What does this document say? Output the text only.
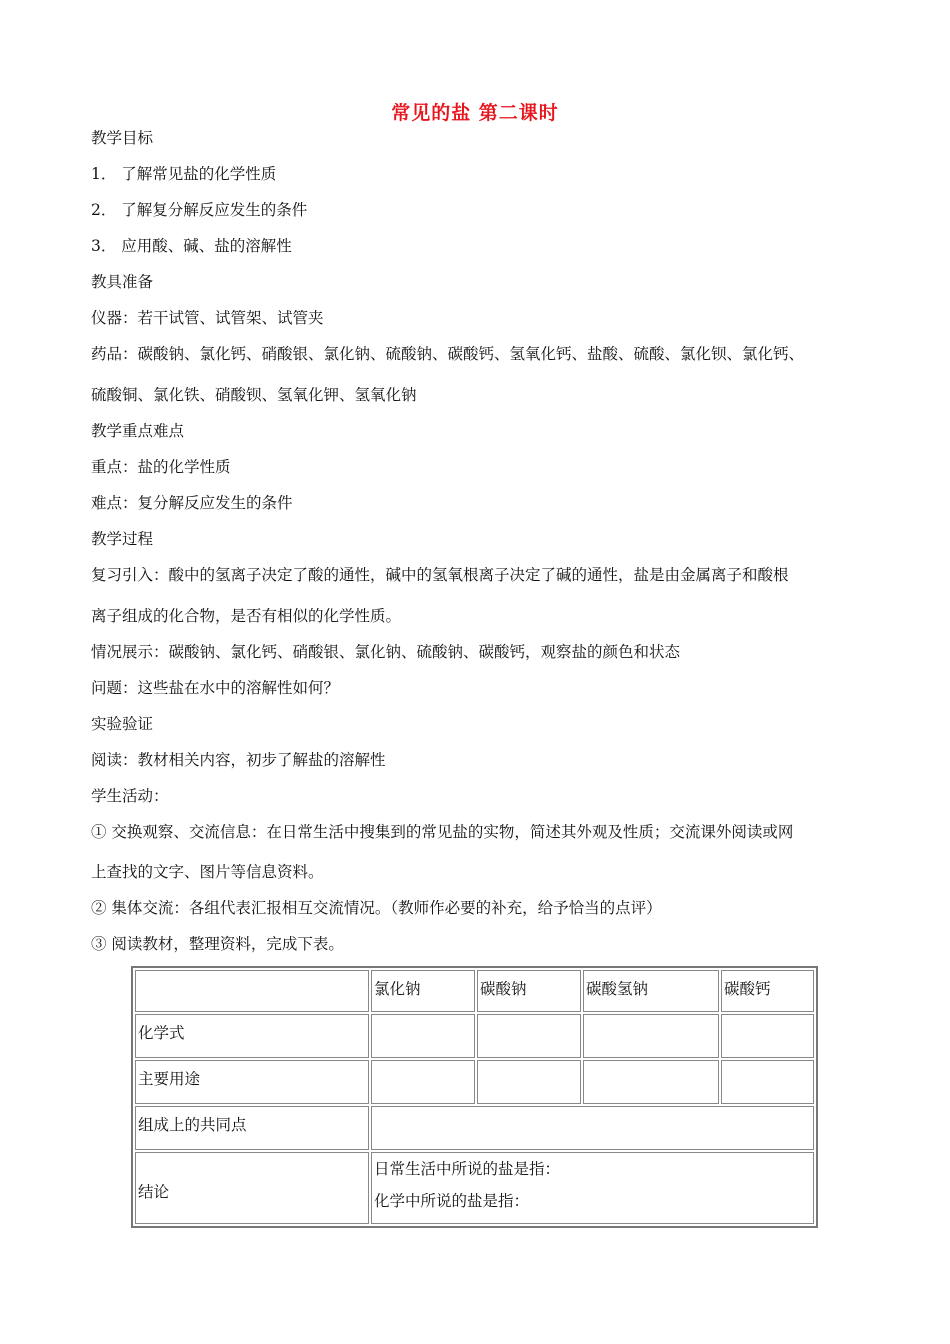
常见的盐 第二课时
教学目标
1． 了解常见盐的化学性质
2． 了解复分解反应发生的条件
3． 应用酸、碱、盐的溶解性
教具准备
仪器：若干试管、试管架、试管夹
药品：碳酸钠、氯化钙、硝酸银、氯化钠、硫酸钠、碳酸钙、氢氧化钙、盐酸、硫酸、氯化钡、氯化钙、
硫酸铜、氯化铁、硝酸钡、氢氧化钾、氢氧化钠
教学重点难点
重点：盐的化学性质
难点：复分解反应发生的条件
教学过程
复习引入：酸中的氢离子决定了酸的通性，碱中的氢氧根离子决定了碱的通性，盐是由金属离子和酸根
离子组成的化合物，是否有相似的化学性质。
情况展示：碳酸钠、氯化钙、硝酸银、氯化钠、硫酸钠、碳酸钙，观察盐的颜色和状态
问题：这些盐在水中的溶解性如何？
实验验证
阅读：教材相关内容，初步了解盐的溶解性
学生活动：
① 交换观察、交流信息：在日常生活中搜集到的常见盐的实物，简述其外观及性质；交流课外阅读或网
上查找的文字、图片等信息资料。
② 集体交流：各组代表汇报相互交流情况。（教师作必要的补充，给予恰当的点评）
③ 阅读教材，整理资料，完成下表。
	氯化钠	碳酸钠	碳酸氢钠	碳酸钙
化学式				
主要用途				
组成上的共同点				
结论	日常生活中所说的盐是指：
化学中所说的盐是指：			
